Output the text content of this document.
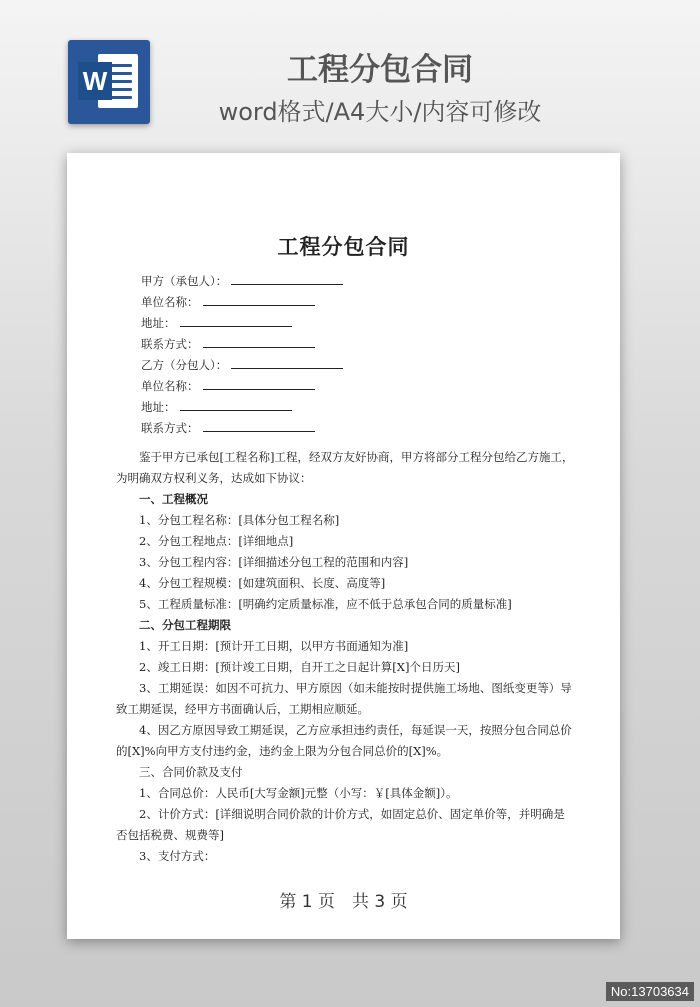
W	工程分包合同
word格式/A4大小/内容可修改
工程分包合同
甲方（承包人）：
单位名称：
地址：
联系方式：
乙方（分包人）：
单位名称：
地址：
联系方式：

鉴于甲方已承包[工程名称]工程，经双方友好协商，甲方将部分工程分包给乙方施工，为明确双方权利义务，达成如下协议：

一、工程概况

1、分包工程名称：[具体分包工程名称]

2、分包工程地点：[详细地点]

3、分包工程内容：[详细描述分包工程的范围和内容]

4、分包工程规模：[如建筑面积、长度、高度等]

5、工程质量标准：[明确约定质量标准，应不低于总承包合同的质量标准]

二、分包工程期限

1、开工日期：[预计开工日期，以甲方书面通知为准]

2、竣工日期：[预计竣工日期，自开工之日起计算[X]个日历天]

3、工期延误：如因不可抗力、甲方原因（如未能按时提供施工场地、图纸变更等）导致工期延误，经甲方书面确认后，工期相应顺延。

4、因乙方原因导致工期延误，乙方应承担违约责任，每延误一天，按照分包合同总价的[X]%向甲方支付违约金，违约金上限为分包合同总价的[X]%。

三、合同价款及支付

1、合同总价：人民币[大写金额]元整（小写：￥[具体金额]）。

2、计价方式：[详细说明合同价款的计价方式，如固定总价、固定单价等，并明确是否包括税费、规费等]

3、支付方式：

第 1 页　共 3 页
No:13703634
